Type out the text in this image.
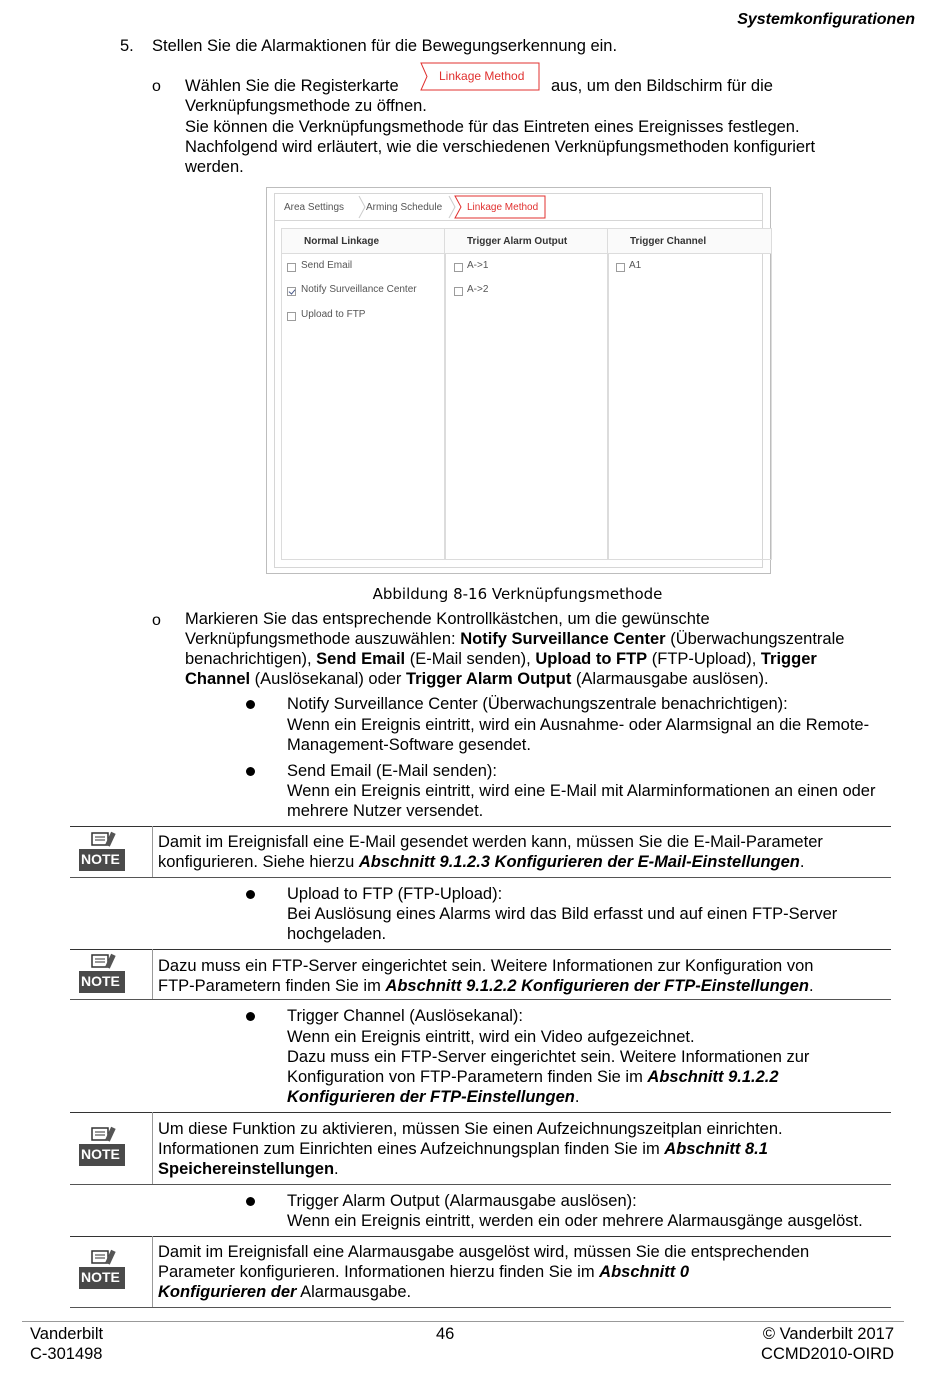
Systemkonfigurationen
5. Stellen Sie die Alarmaktionen für die Bewegungserkennung ein.
o Wählen Sie die Registerkarte
Linkage Method
aus, um den Bildschirm für die
Verknüpfungsmethode zu öffnen.
Sie können die Verknüpfungsmethode für das Eintreten eines Ereignisses festlegen.
Nachfolgend wird erläutert, wie die verschiedenen Verknüpfungsmethoden konfiguriert
werden.
Area Settings Arming Schedule Linkage Method
Normal Linkage
Send Email
Notify Surveillance Center
Upload to FTP
Trigger Alarm Output
A->1
A->2
Trigger Channel
A1
Abbildung 8-16 Verknüpfungsmethode
o Markieren Sie das entsprechende Kontrollkästchen, um die gewünschte
Verknüpfungsmethode auszuwählen: Notify Surveillance Center (Überwachungszentrale
benachrichtigen), Send Email (E-Mail senden), Upload to FTP (FTP-Upload), Trigger
Channel (Auslösekanal) oder Trigger Alarm Output (Alarmausgabe auslösen).
Notify Surveillance Center (Überwachungszentrale benachrichtigen):
Wenn ein Ereignis eintritt, wird ein Ausnahme- oder Alarmsignal an die Remote-
Management-Software gesendet.
Send Email (E-Mail senden):
Wenn ein Ereignis eintritt, wird eine E-Mail mit Alarminformationen an einen oder
mehrere Nutzer versendet.
NOTE
Damit im Ereignisfall eine E-Mail gesendet werden kann, müssen Sie die E-Mail-Parameter
konfigurieren. Siehe hierzu Abschnitt 9.1.2.3 Konfigurieren der E-Mail-Einstellungen.
Upload to FTP (FTP-Upload):
Bei Auslösung eines Alarms wird das Bild erfasst und auf einen FTP-Server
hochgeladen.
NOTE
Dazu muss ein FTP-Server eingerichtet sein. Weitere Informationen zur Konfiguration von
FTP-Parametern finden Sie im Abschnitt 9.1.2.2 Konfigurieren der FTP-Einstellungen.
Trigger Channel (Auslösekanal):
Wenn ein Ereignis eintritt, wird ein Video aufgezeichnet.
Dazu muss ein FTP-Server eingerichtet sein. Weitere Informationen zur
Konfiguration von FTP-Parametern finden Sie im Abschnitt 9.1.2.2
Konfigurieren der FTP-Einstellungen.
NOTE
Um diese Funktion zu aktivieren, müssen Sie einen Aufzeichnungszeitplan einrichten.
Informationen zum Einrichten eines Aufzeichnungsplan finden Sie im Abschnitt 8.1
Speichereinstellungen.
Trigger Alarm Output (Alarmausgabe auslösen):
Wenn ein Ereignis eintritt, werden ein oder mehrere Alarmausgänge ausgelöst.
NOTE
Damit im Ereignisfall eine Alarmausgabe ausgelöst wird, müssen Sie die entsprechenden
Parameter konfigurieren. Informationen hierzu finden Sie im Abschnitt 0
Konfigurieren der Alarmausgabe.
Vanderbilt
C-301498
46	© Vanderbilt 2017
CCMD2010-OIRD
